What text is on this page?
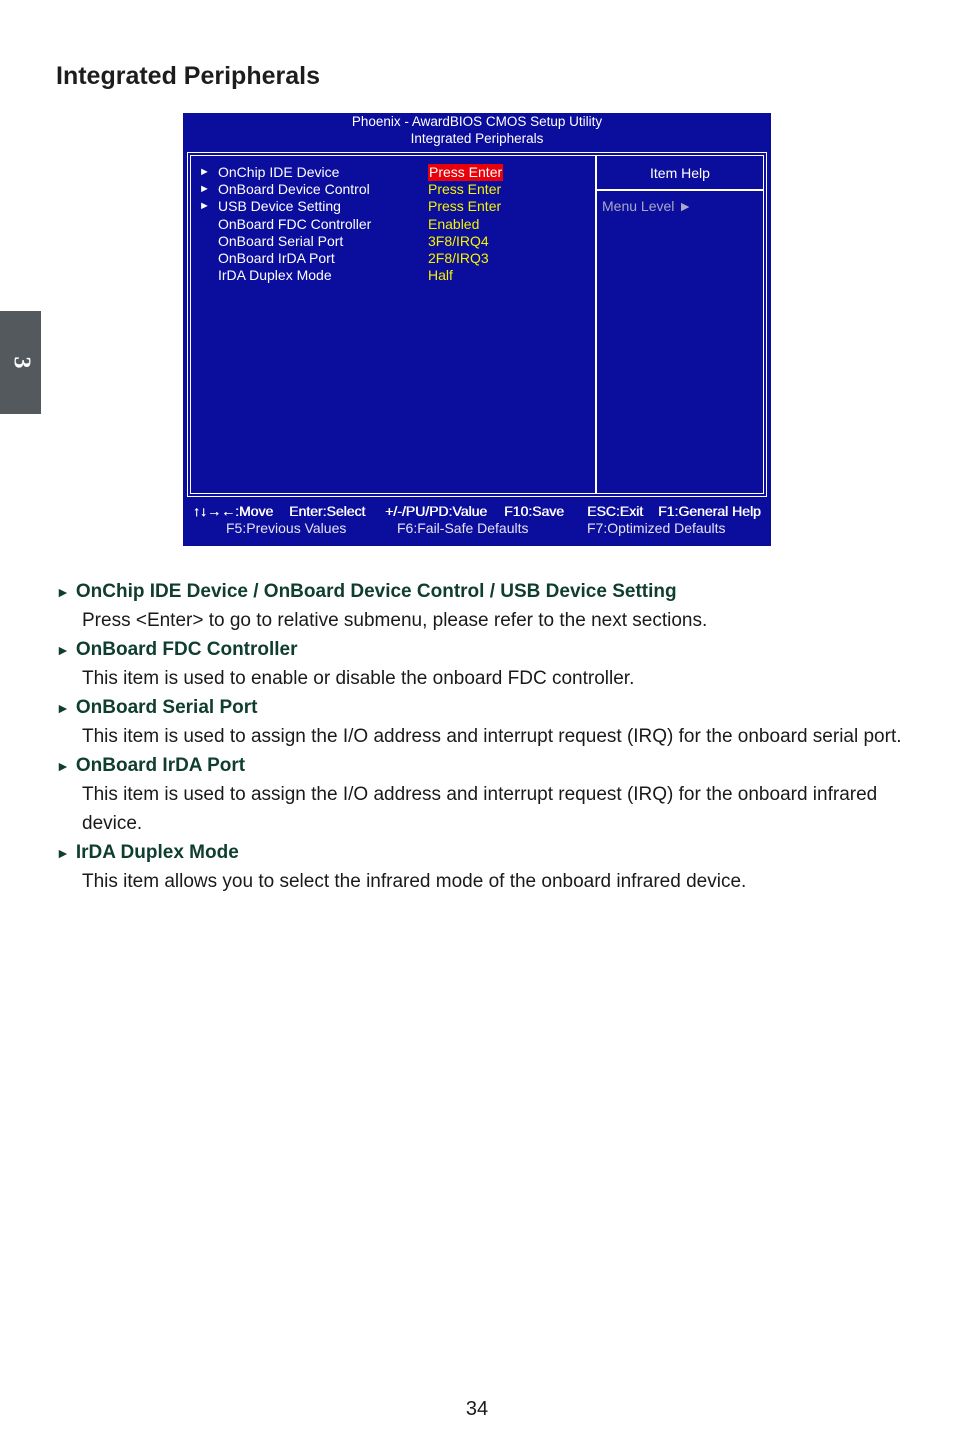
Integrated Peripherals
3
Phoenix - AwardBIOS CMOS Setup Utility
Integrated Peripherals
► OnChip IDE Device	Press Enter
► OnBoard Device Control	Press Enter
► USB Device Setting	Press Enter
OnBoard FDC Controller	Enabled
OnBoard Serial Port	3F8/IRQ4
OnBoard IrDA Port	2F8/IRQ3
IrDA Duplex Mode	Half
Item Help
Menu Level ►
↑↓→←:Move Enter:Select +/-/PU/PD:Value F10:Save ESC:Exit F1:General Help
F5:Previous Values	F6:Fail-Safe Defaults	F7:Optimized Defaults
► OnChip IDE Device / OnBoard Device Control / USB Device Setting

Press <Enter> to go to relative submenu, please refer to the next sections.

► OnBoard FDC Controller

This item is used to enable or disable the onboard FDC controller.

► OnBoard Serial Port

This item is used to assign the I/O address and interrupt request (IRQ) for the onboard serial port.

► OnBoard IrDA Port

This item is used to assign the I/O address and interrupt request (IRQ) for the onboard infrared device.

► IrDA Duplex Mode

This item allows you to select the infrared mode of the onboard infrared device.

34
